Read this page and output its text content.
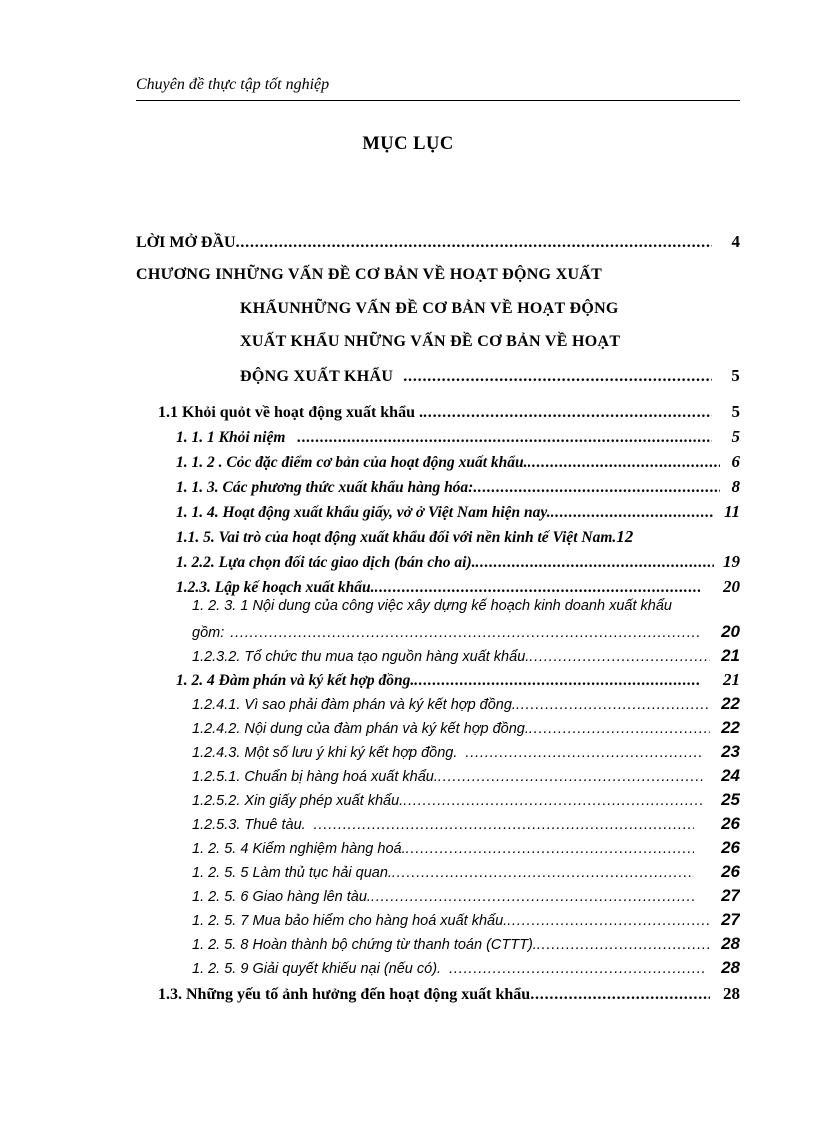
Chuyên đề thực tập tốt nghiệp
MỤC LỤC
LỜI MỞ ĐẦU . . .	4
CHƯƠNG INHỮNG VẤN ĐỀ CƠ BẢN VỀ HOẠT ĐỘNG XUẤT
KHẨUNHỮNG VẤN ĐỀ CƠ BẢN VỀ HOẠT ĐỘNG
XUẤT KHẨU NHỮNG VẤN ĐỀ CƠ BẢN VỀ HOẠT
ĐỘNG XUẤT KHẨU . . .	5
1.1 Khỏi quỏt về hoạt động xuất khẩu . . . .	5
1. 1. 1 Khỏi niệm . . .	5
1. 1. 2 . Cỏc đặc điểm cơ bản của hoạt động xuất khẩu. . . .	6
1. 1. 3. Các phương thức xuất khẩu hàng hóa: . . .	8
1. 1. 4. Hoạt động xuất khẩu giấy, vở ở Việt Nam hiện nay. . . .	11
1.1. 5. Vai trò của hoạt động xuất khẩu đối với nền kinh tế Việt Nam. 12
1. 2.2. Lựa chọn đối tác giao dịch (bán cho ai). . . .	19
1.2.3. Lập kế hoạch xuất khẩu. . . .	20
1. 2. 3. 1 Nội dung của công việc xây dựng kế hoạch kinh doanh xuất khẩu
gồm: . . .	20
1.2.3.2. Tổ chức thu mua tạo nguồn hàng xuất khẩu. . . .	21
1. 2. 4 Đàm phán và ký kết hợp đồng. . . .	21
1.2.4.1. Vì sao phải đàm phán và ký kết hợp đồng. . . .	22
1.2.4.2. Nội dung của đàm phán và ký kết hợp đồng. . . .	22
1.2.4.3. Một số lưu ý khi ký kết hợp đồng. . . .	23
1.2.5.1. Chuẩn bị hàng hoá xuất khẩu. . . .	24
1.2.5.2. Xin giấy phép xuất khẩu. . . .	25
1.2.5.3. Thuê tàu. . . .	26
1. 2. 5. 4 Kiểm nghiệm hàng hoá. . . .	26
1. 2. 5. 5 Làm thủ tục hải quan. . . .	26
1. 2. 5. 6 Giao hàng lên tàu. . . .	27
1. 2. 5. 7 Mua bảo hiểm cho hàng hoá xuất khẩu. . . .	27
1. 2. 5. 8 Hoàn thành bộ chứng từ thanh toán (CTTT). . . .	28
1. 2. 5. 9 Giải quyết khiếu nại (nếu có). . . .	28
1.3. Những yếu tố ảnh hưởng đến hoạt động xuất khẩu . . .	28
